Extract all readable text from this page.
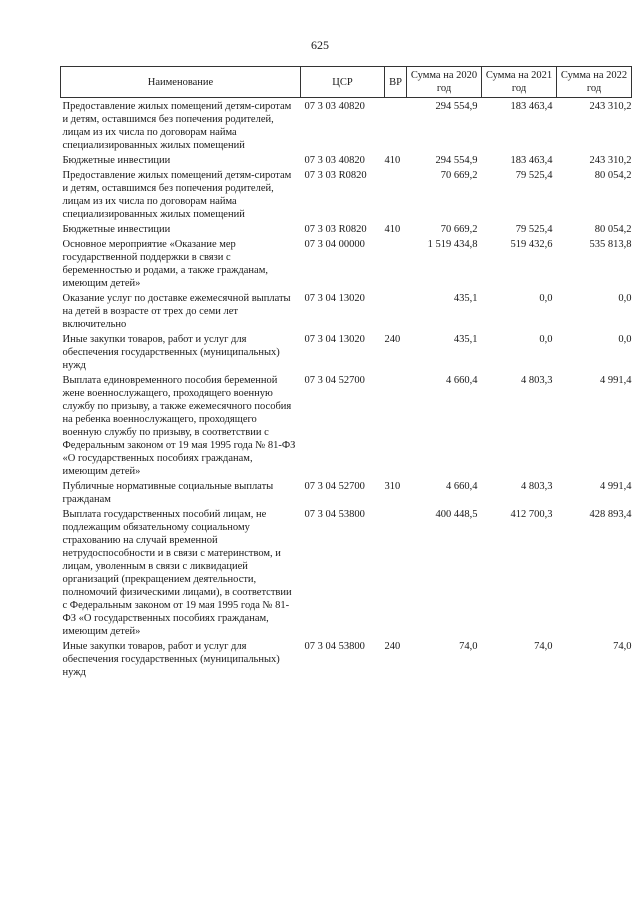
625
Наименование	ЦСР	ВР	Сумма на 2020 год	Сумма на 2021 год	Сумма на 2022 год
Предоставление жилых помещений детям-сиротам и детям, оставшимся без попечения родителей, лицам из их числа по договорам найма специализированных жилых помещений	07 3 03 40820		294 554,9	183 463,4	243 310,2
Бюджетные инвестиции	07 3 03 40820	410	294 554,9	183 463,4	243 310,2
Предоставление жилых помещений детям-сиротам и детям, оставшимся без попечения родителей, лицам из их числа по договорам найма специализированных жилых помещений	07 3 03 R0820		70 669,2	79 525,4	80 054,2
Бюджетные инвестиции	07 3 03 R0820	410	70 669,2	79 525,4	80 054,2
Основное мероприятие «Оказание мер государственной поддержки в связи с беременностью и родами, а также гражданам, имеющим детей»	07 3 04 00000		1 519 434,8	519 432,6	535 813,8
Оказание услуг по доставке ежемесячной выплаты на детей в возрасте от трех до семи лет включительно	07 3 04 13020		435,1	0,0	0,0
Иные закупки товаров, работ и услуг для обеспечения государственных (муниципальных) нужд	07 3 04 13020	240	435,1	0,0	0,0
Выплата единовременного пособия беременной жене военнослужащего, проходящего военную службу по призыву, а также ежемесячного пособия на ребенка военнослужащего, проходящего военную службу по призыву, в соответствии с Федеральным законом от 19 мая 1995 года № 81-ФЗ «О государственных пособиях гражданам, имеющим детей»	07 3 04 52700		4 660,4	4 803,3	4 991,4
Публичные нормативные социальные выплаты гражданам	07 3 04 52700	310	4 660,4	4 803,3	4 991,4
Выплата государственных пособий лицам, не подлежащим обязательному социальному страхованию на случай временной нетрудоспособности и в связи с материнством, и лицам, уволенным в связи с ликвидацией организаций (прекращением деятельности, полномочий физическими лицами), в соответствии с Федеральным законом от 19 мая 1995 года № 81-ФЗ «О государственных пособиях гражданам, имеющим детей»	07 3 04 53800		400 448,5	412 700,3	428 893,4
Иные закупки товаров, работ и услуг для обеспечения государственных (муниципальных) нужд	07 3 04 53800	240	74,0	74,0	74,0
